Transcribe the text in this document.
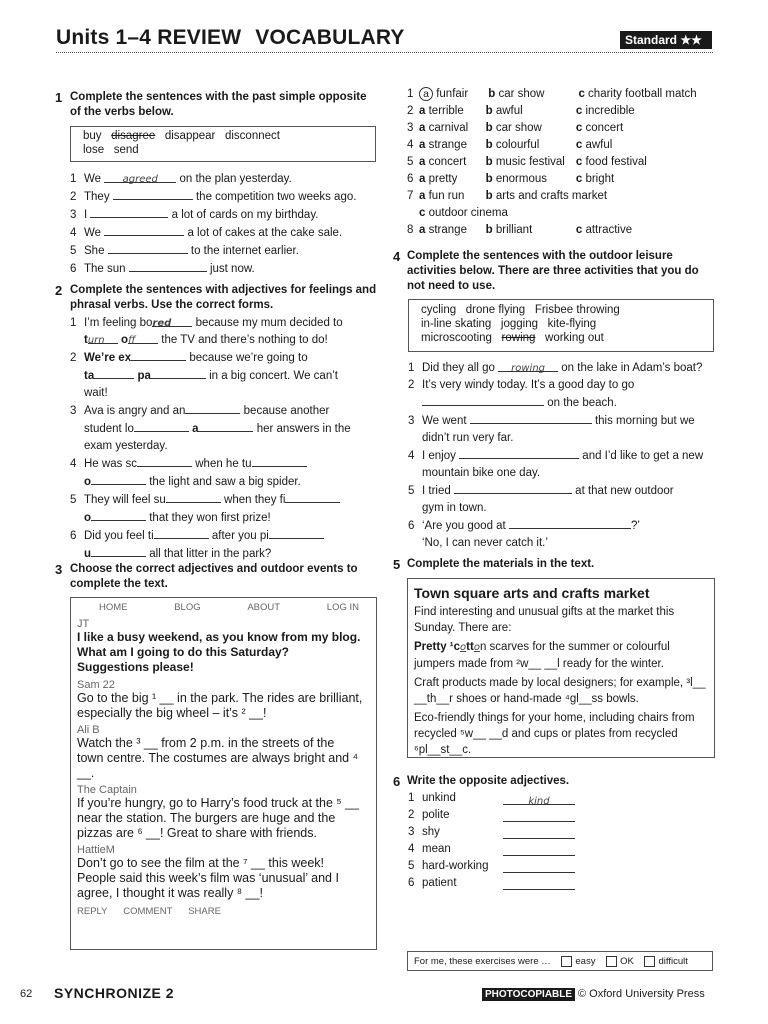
Units 1–4 REVIEW VOCABULARY	Standard ★★
1 Complete the sentences with the past simple opposite of the verbs below.
buy disagree disappear disconnect
lose send
1 We agreed on the plan yesterday.
2 They	the competition two weeks ago.
3 I	a lot of cards on my birthday.
4 We	a lot of cakes at the cake sale.
5 She	to the internet earlier.
6 The sun	just now.
2 Complete the sentences with adjectives for feelings and phrasal verbs. Use the correct forms.
1 I’m feeling bored because my mum decided to
turn off the TV and there’s nothing to do!
2 We’re ex	because we’re going to
ta	pa	in a big concert. We can’t
wait!
3 Ava is angry and an	because another
student lo	a	her answers in the
exam yesterday.
4 He was sc	when he tu
o	the light and saw a big spider.
5 They will feel su	when they fi
o	that they won first prize!
6 Did you feel ti	after you pi
u	all that litter in the park?
3 Choose the correct adjectives and outdoor events to complete the text.
HOME	BLOG	ABOUT	LOG IN
JT
I like a busy weekend, as you know from my blog. What am I going to do this Saturday? Suggestions please!
Sam 22
Go to the big ¹ __ in the park. The rides are brilliant, especially the big wheel – it’s ² __!
Ali B
Watch the ³ __ from 2 p.m. in the streets of the town centre. The costumes are always bright and ⁴ __.
The Captain
If you’re hungry, go to Harry’s food truck at the ⁵ __ near the station. The burgers are huge and the pizzas are ⁶ __! Great to share with friends.
HattieM
Don’t go to see the film at the ⁷ __ this week! People said this week’s film was ‘unusual’ and I agree, I thought it was really ⁸ __!
REPLY COMMENT SHARE
1 a funfair b car show	c charity football match
2 a terrible b awful	c incredible
3 a carnival b car show	c concert
4 a strange b colourful	c awful
5 a concert b music festival c food festival
6 a pretty b enormous	c bright
7 a fun run b arts and crafts market
c outdoor cinema
8 a strange b brilliant	c attractive
4 Complete the sentences with the outdoor leisure activities below. There are three activities that you do not need to use.
cycling drone flying Frisbee throwing
in-line skating jogging kite-flying
microscooting rowing working out
1 Did they all go rowing on the lake in Adam’s boat?
2 It’s very windy today. It’s a good day to go
on the beach.
3 We went	this morning but we
didn’t run very far.
4 I enjoy	and I’d like to get a new
mountain bike one day.
5 I tried	at that new outdoor
gym in town.
6 ‘Are you good at	?’
‘No, I can never catch it.’
5 Complete the materials in the text.
Town square arts and crafts market
Find interesting and unusual gifts at the market this Sunday. There are:
Pretty ¹cotton scarves for the summer or colourful jumpers made from ²w__ __l ready for the winter.
Craft products made by local designers; for example, ³l__ __th__r shoes or hand-made ⁴gl__ss bowls.
Eco-friendly things for your home, including chairs from recycled ⁵w__ __d and cups or plates from recycled ⁶pl__st__c.
6 Write the opposite adjectives.
1 unkind	kind
2 polite
3 shy
4 mean
5 hard-working
6 patient
For me, these exercises were …	easy	OK	difficult
62 SYNCHRONIZE 2	PHOTOCOPIABLE © Oxford University Press
